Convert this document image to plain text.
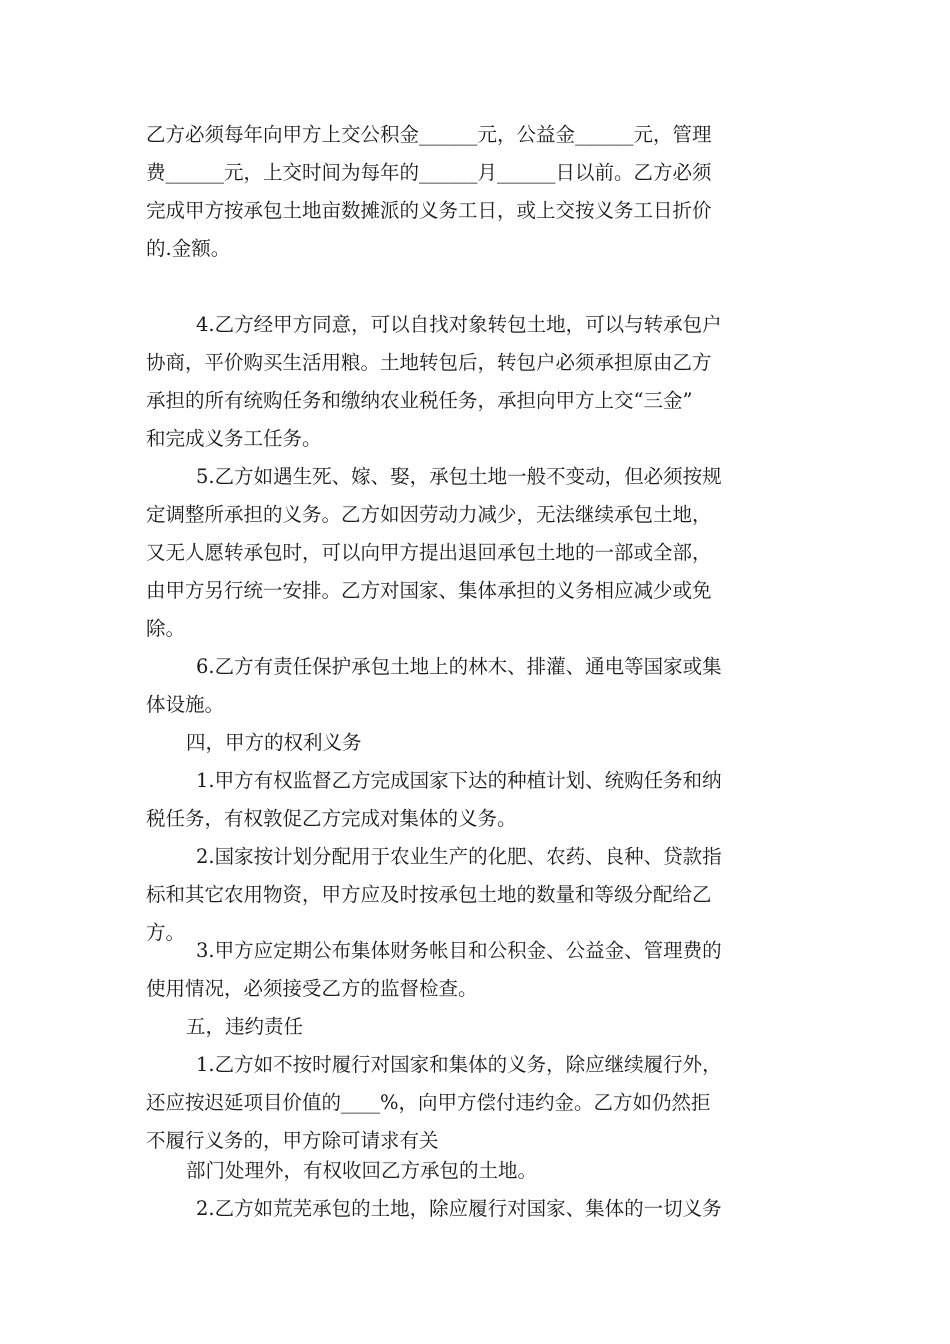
乙方必须每年向甲方上交公积金______元，公益金______元，管理
费______元，上交时间为每年的______月______日以前。乙方必须
完成甲方按承包土地亩数摊派的义务工日，或上交按义务工日折价
的.金额。
4.乙方经甲方同意，可以自找对象转包土地，可以与转承包户
协商，平价购买生活用粮。土地转包后，转包户必须承担原由乙方
承担的所有统购任务和缴纳农业税任务，承担向甲方上交“三金”
和完成义务工任务。
5.乙方如遇生死、嫁、娶，承包土地一般不变动，但必须按规
定调整所承担的义务。乙方如因劳动力减少，无法继续承包土地，
又无人愿转承包时，可以向甲方提出退回承包土地的一部或全部，
由甲方另行统一安排。乙方对国家、集体承担的义务相应减少或免
除。
6.乙方有责任保护承包土地上的林木、排灌、通电等国家或集
体设施。
四，甲方的权利义务
1.甲方有权监督乙方完成国家下达的种植计划、统购任务和纳
税任务，有权敦促乙方完成对集体的义务。
2.国家按计划分配用于农业生产的化肥、农药、良种、贷款指
标和其它农用物资，甲方应及时按承包土地的数量和等级分配给乙
方。
3.甲方应定期公布集体财务帐目和公积金、公益金、管理费的
使用情况，必须接受乙方的监督检查。
五，违约责任
1.乙方如不按时履行对国家和集体的义务，除应继续履行外，
还应按迟延项目价值的____%，向甲方偿付违约金。乙方如仍然拒
不履行义务的，甲方除可请求有关
部门处理外，有权收回乙方承包的土地。
2.乙方如荒芜承包的土地，除应履行对国家、集体的一切义务
